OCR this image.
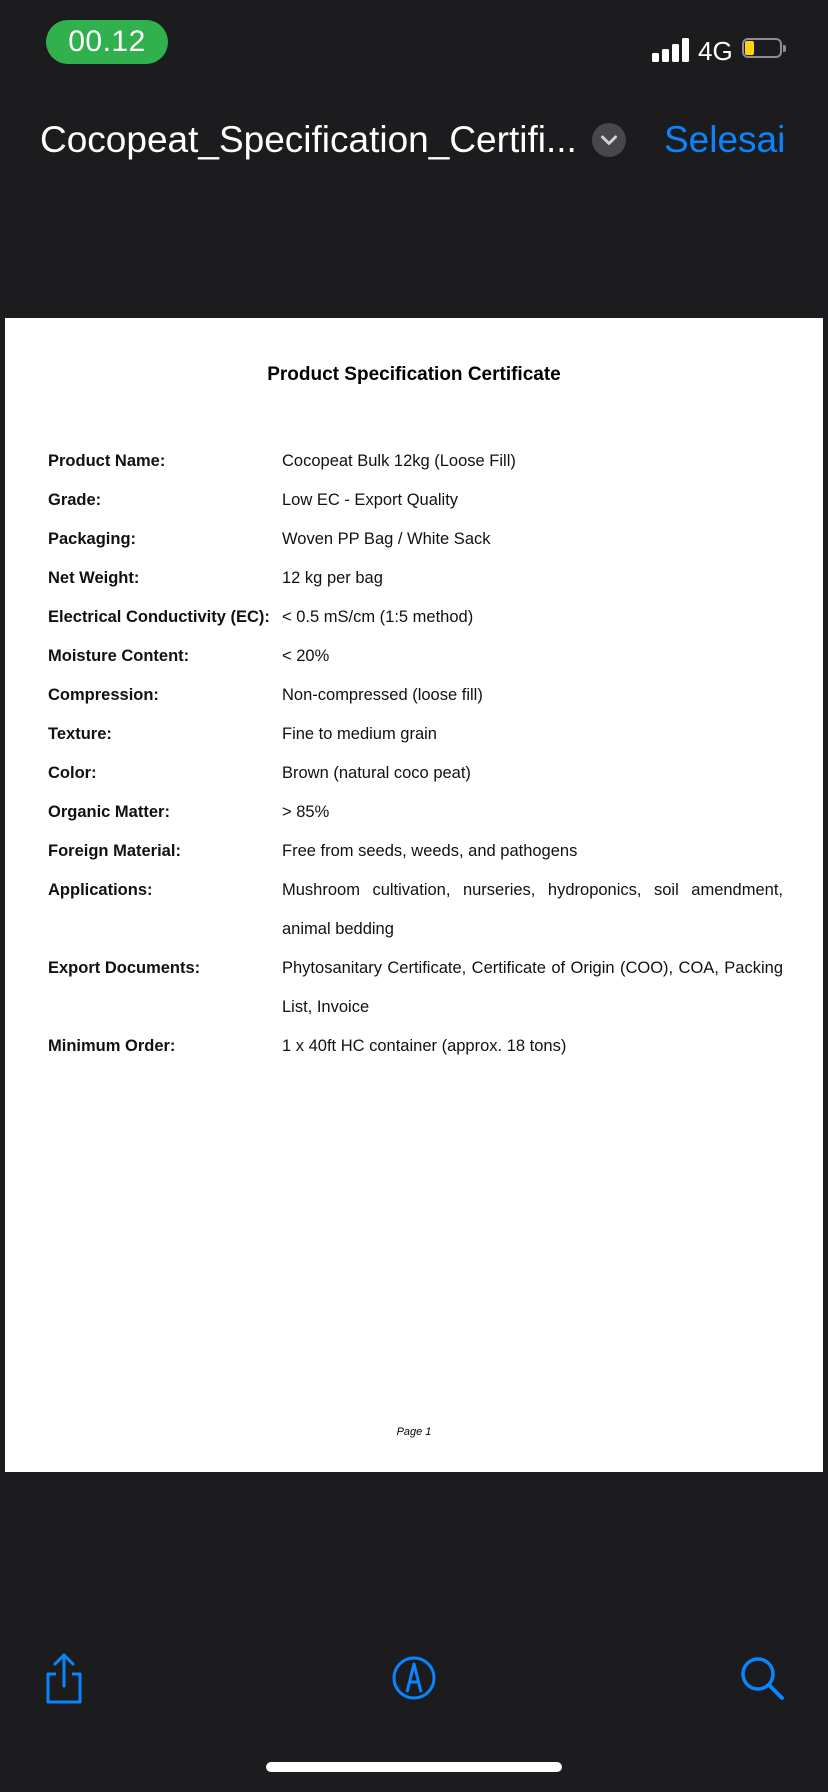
00.12	4G
Cocopeat_Specification_Certifi... Selesai
Product Specification Certificate
Product Name:	Cocopeat Bulk 12kg (Loose Fill)
Grade:	Low EC - Export Quality
Packaging:	Woven PP Bag / White Sack
Net Weight:	12 kg per bag
Electrical Conductivity (EC): < 0.5 mS/cm (1:5 method)
Moisture Content:	< 20%
Compression:	Non-compressed (loose fill)
Texture:	Fine to medium grain
Color:	Brown (natural coco peat)
Organic Matter:	> 85%
Foreign Material:	Free from seeds, weeds, and pathogens
Applications:	Mushroom cultivation, nurseries, hydroponics, soil amendment, animal bedding
Export Documents:	Phytosanitary Certificate, Certificate of Origin (COO), COA, Packing List, Invoice
Minimum Order:	1 x 40ft HC container (approx. 18 tons)
Page 1
